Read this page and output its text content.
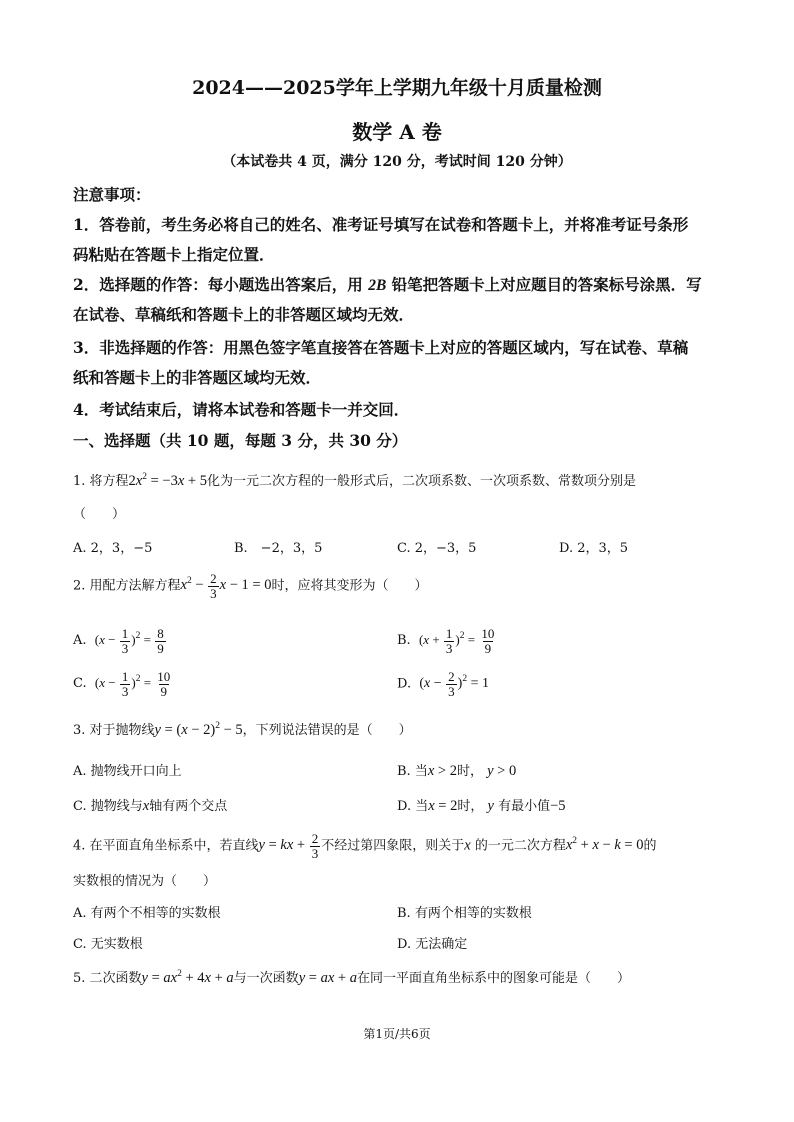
2024——2025学年上学期九年级十月质量检测
数学 A 卷
（本试卷共 4 页，满分 120 分，考试时间 120 分钟）
注意事项：
1．答卷前，考生务必将自己的姓名、准考证号填写在试卷和答题卡上，并将准考证号条形
码粘贴在答题卡上指定位置．
2．选择题的作答：每小题选出答案后，用 2B 铅笔把答题卡上对应题目的答案标号涂黑．写
在试卷、草稿纸和答题卡上的非答题区域均无效．
3．非选择题的作答：用黑色签字笔直接答在答题卡上对应的答题区域内，写在试卷、草稿
纸和答题卡上的非答题区域均无效．
4．考试结束后，请将本试卷和答题卡一并交回．
一、选择题（共 10 题，每题 3 分，共 30 分）
1. 将方程$2x^2 = -3x + 5$化为一元二次方程的一般形式后，二次项系数、一次项系数、常数项分别是
（　　）
A. 2，3，−5	B.　−2，3，5	C. 2，−3，5	D. 2，3，5
2. 用配方法解方程$x^2 - \frac{2}{3}$ x − 1 = 0时，应将其变形为（　　）
A. $(x - \frac{1}{3} )^2 = \frac{8}{9}$	B. $(x + \frac{1}{3} )^2 = \frac{10}{9}$
C. $(x - \frac{1}{3} )^2 = \frac{10}{9}$	D. $(x - \frac{2}{3} )^2 = 1$
3. 对于抛物线$y = (x - 2)^2 - 5$，下列说法错误的是（　　）
A. 抛物线开口向上	B. 当x > 2时， y > 0
C. 抛物线与x轴有两个交点	D. 当x = 2时， y 有最小值−5
4. 在平面直角坐标系中，若直线y = kx + $\frac{2}{3}$ 不经过第四象限，则关于x 的一元二次方程$x^2 + x - k = 0$的
实数根的情况为（　　）
A. 有两个不相等的实数根	B. 有两个相等的实数根
C. 无实数根	D. 无法确定
5. 二次函数$y = ax^2 + 4x + a$与一次函数y = ax + a在同一平面直角坐标系中的图象可能是（　　）
第1页/共6页
